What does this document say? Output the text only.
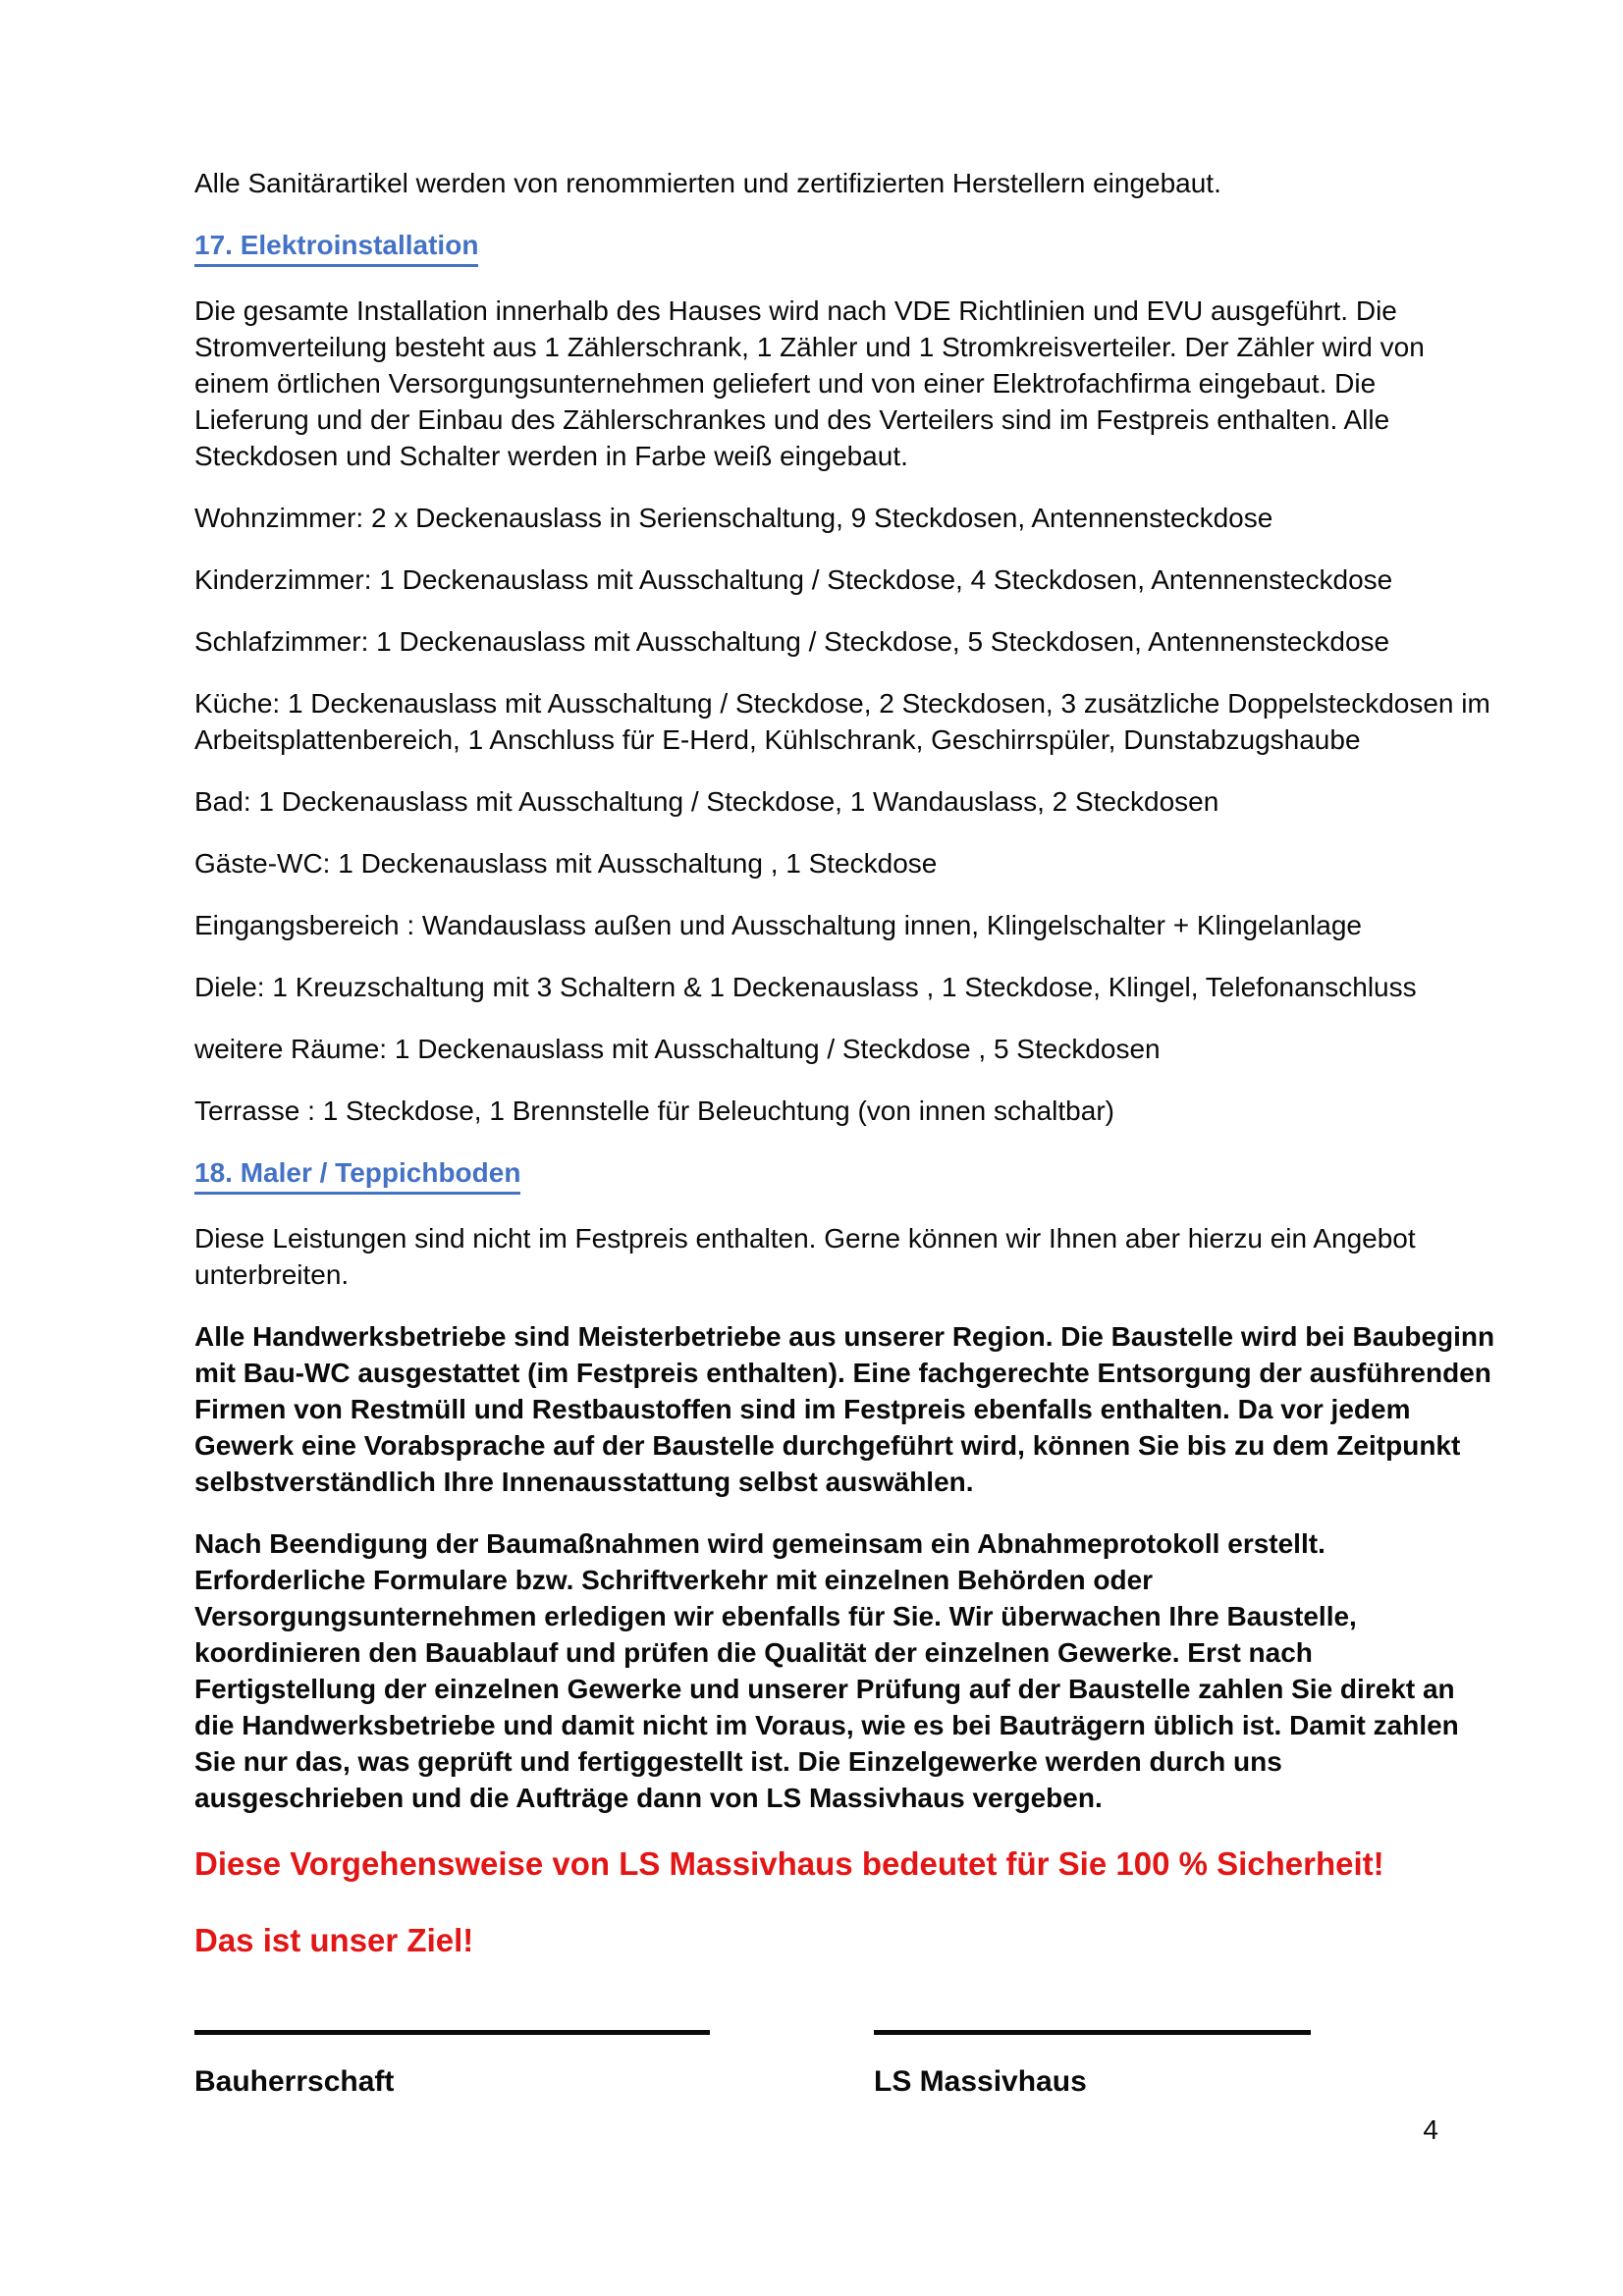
Alle Sanitärartikel werden von renommierten und zertifizierten Herstellern eingebaut.

17. Elektroinstallation

Die gesamte Installation innerhalb des Hauses wird nach VDE Richtlinien und EVU ausgeführt. Die Stromverteilung besteht aus 1 Zählerschrank, 1 Zähler und 1 Stromkreisverteiler. Der Zähler wird von einem örtlichen Versorgungsunternehmen geliefert und von einer Elektrofachfirma eingebaut. Die Lieferung und der Einbau des Zählerschrankes und des Verteilers sind im Festpreis enthalten. Alle Steckdosen und Schalter werden in Farbe weiß eingebaut.

Wohnzimmer: 2 x Deckenauslass in Serienschaltung, 9 Steckdosen, Antennensteckdose

Kinderzimmer: 1 Deckenauslass mit Ausschaltung / Steckdose, 4 Steckdosen, Antennensteckdose

Schlafzimmer: 1 Deckenauslass mit Ausschaltung / Steckdose, 5 Steckdosen, Antennensteckdose

Küche: 1 Deckenauslass mit Ausschaltung / Steckdose, 2 Steckdosen, 3 zusätzliche Doppelsteckdosen im Arbeitsplattenbereich, 1 Anschluss für E-Herd, Kühlschrank, Geschirrspüler, Dunstabzugshaube

Bad: 1 Deckenauslass mit Ausschaltung / Steckdose, 1 Wandauslass, 2 Steckdosen

Gäste-WC: 1 Deckenauslass mit Ausschaltung , 1 Steckdose

Eingangsbereich : Wandauslass außen und Ausschaltung innen, Klingelschalter + Klingelanlage

Diele: 1 Kreuzschaltung mit 3 Schaltern & 1 Deckenauslass , 1 Steckdose, Klingel, Telefonanschluss

weitere Räume: 1 Deckenauslass mit Ausschaltung / Steckdose , 5 Steckdosen

Terrasse : 1 Steckdose, 1 Brennstelle für Beleuchtung (von innen schaltbar)

18. Maler / Teppichboden

Diese Leistungen sind nicht im Festpreis enthalten. Gerne können wir Ihnen aber hierzu ein Angebot unterbreiten.

Alle Handwerksbetriebe sind Meisterbetriebe aus unserer Region. Die Baustelle wird bei Baubeginn mit Bau-WC ausgestattet (im Festpreis enthalten). Eine fachgerechte Entsorgung der ausführenden Firmen von Restmüll und Restbaustoffen sind im Festpreis ebenfalls enthalten. Da vor jedem Gewerk eine Vorabsprache auf der Baustelle durchgeführt wird, können Sie bis zu dem Zeitpunkt selbstverständlich Ihre Innenausstattung selbst auswählen.

Nach Beendigung der Baumaßnahmen wird gemeinsam ein Abnahmeprotokoll erstellt. Erforderliche Formulare bzw. Schriftverkehr mit einzelnen Behörden oder Versorgungsunternehmen erledigen wir ebenfalls für Sie. Wir überwachen Ihre Baustelle, koordinieren den Bauablauf und prüfen die Qualität der einzelnen Gewerke. Erst nach Fertigstellung der einzelnen Gewerke und unserer Prüfung auf der Baustelle zahlen Sie direkt an die Handwerksbetriebe und damit nicht im Voraus, wie es bei Bauträgern üblich ist. Damit zahlen Sie nur das, was geprüft und fertiggestellt ist. Die Einzelgewerke werden durch uns ausgeschrieben und die Aufträge dann von LS Massivhaus vergeben.

Diese Vorgehensweise von LS Massivhaus bedeutet für Sie 100 % Sicherheit!

Das ist unser Ziel!

Bauherrschaft	LS Massivhaus
4
